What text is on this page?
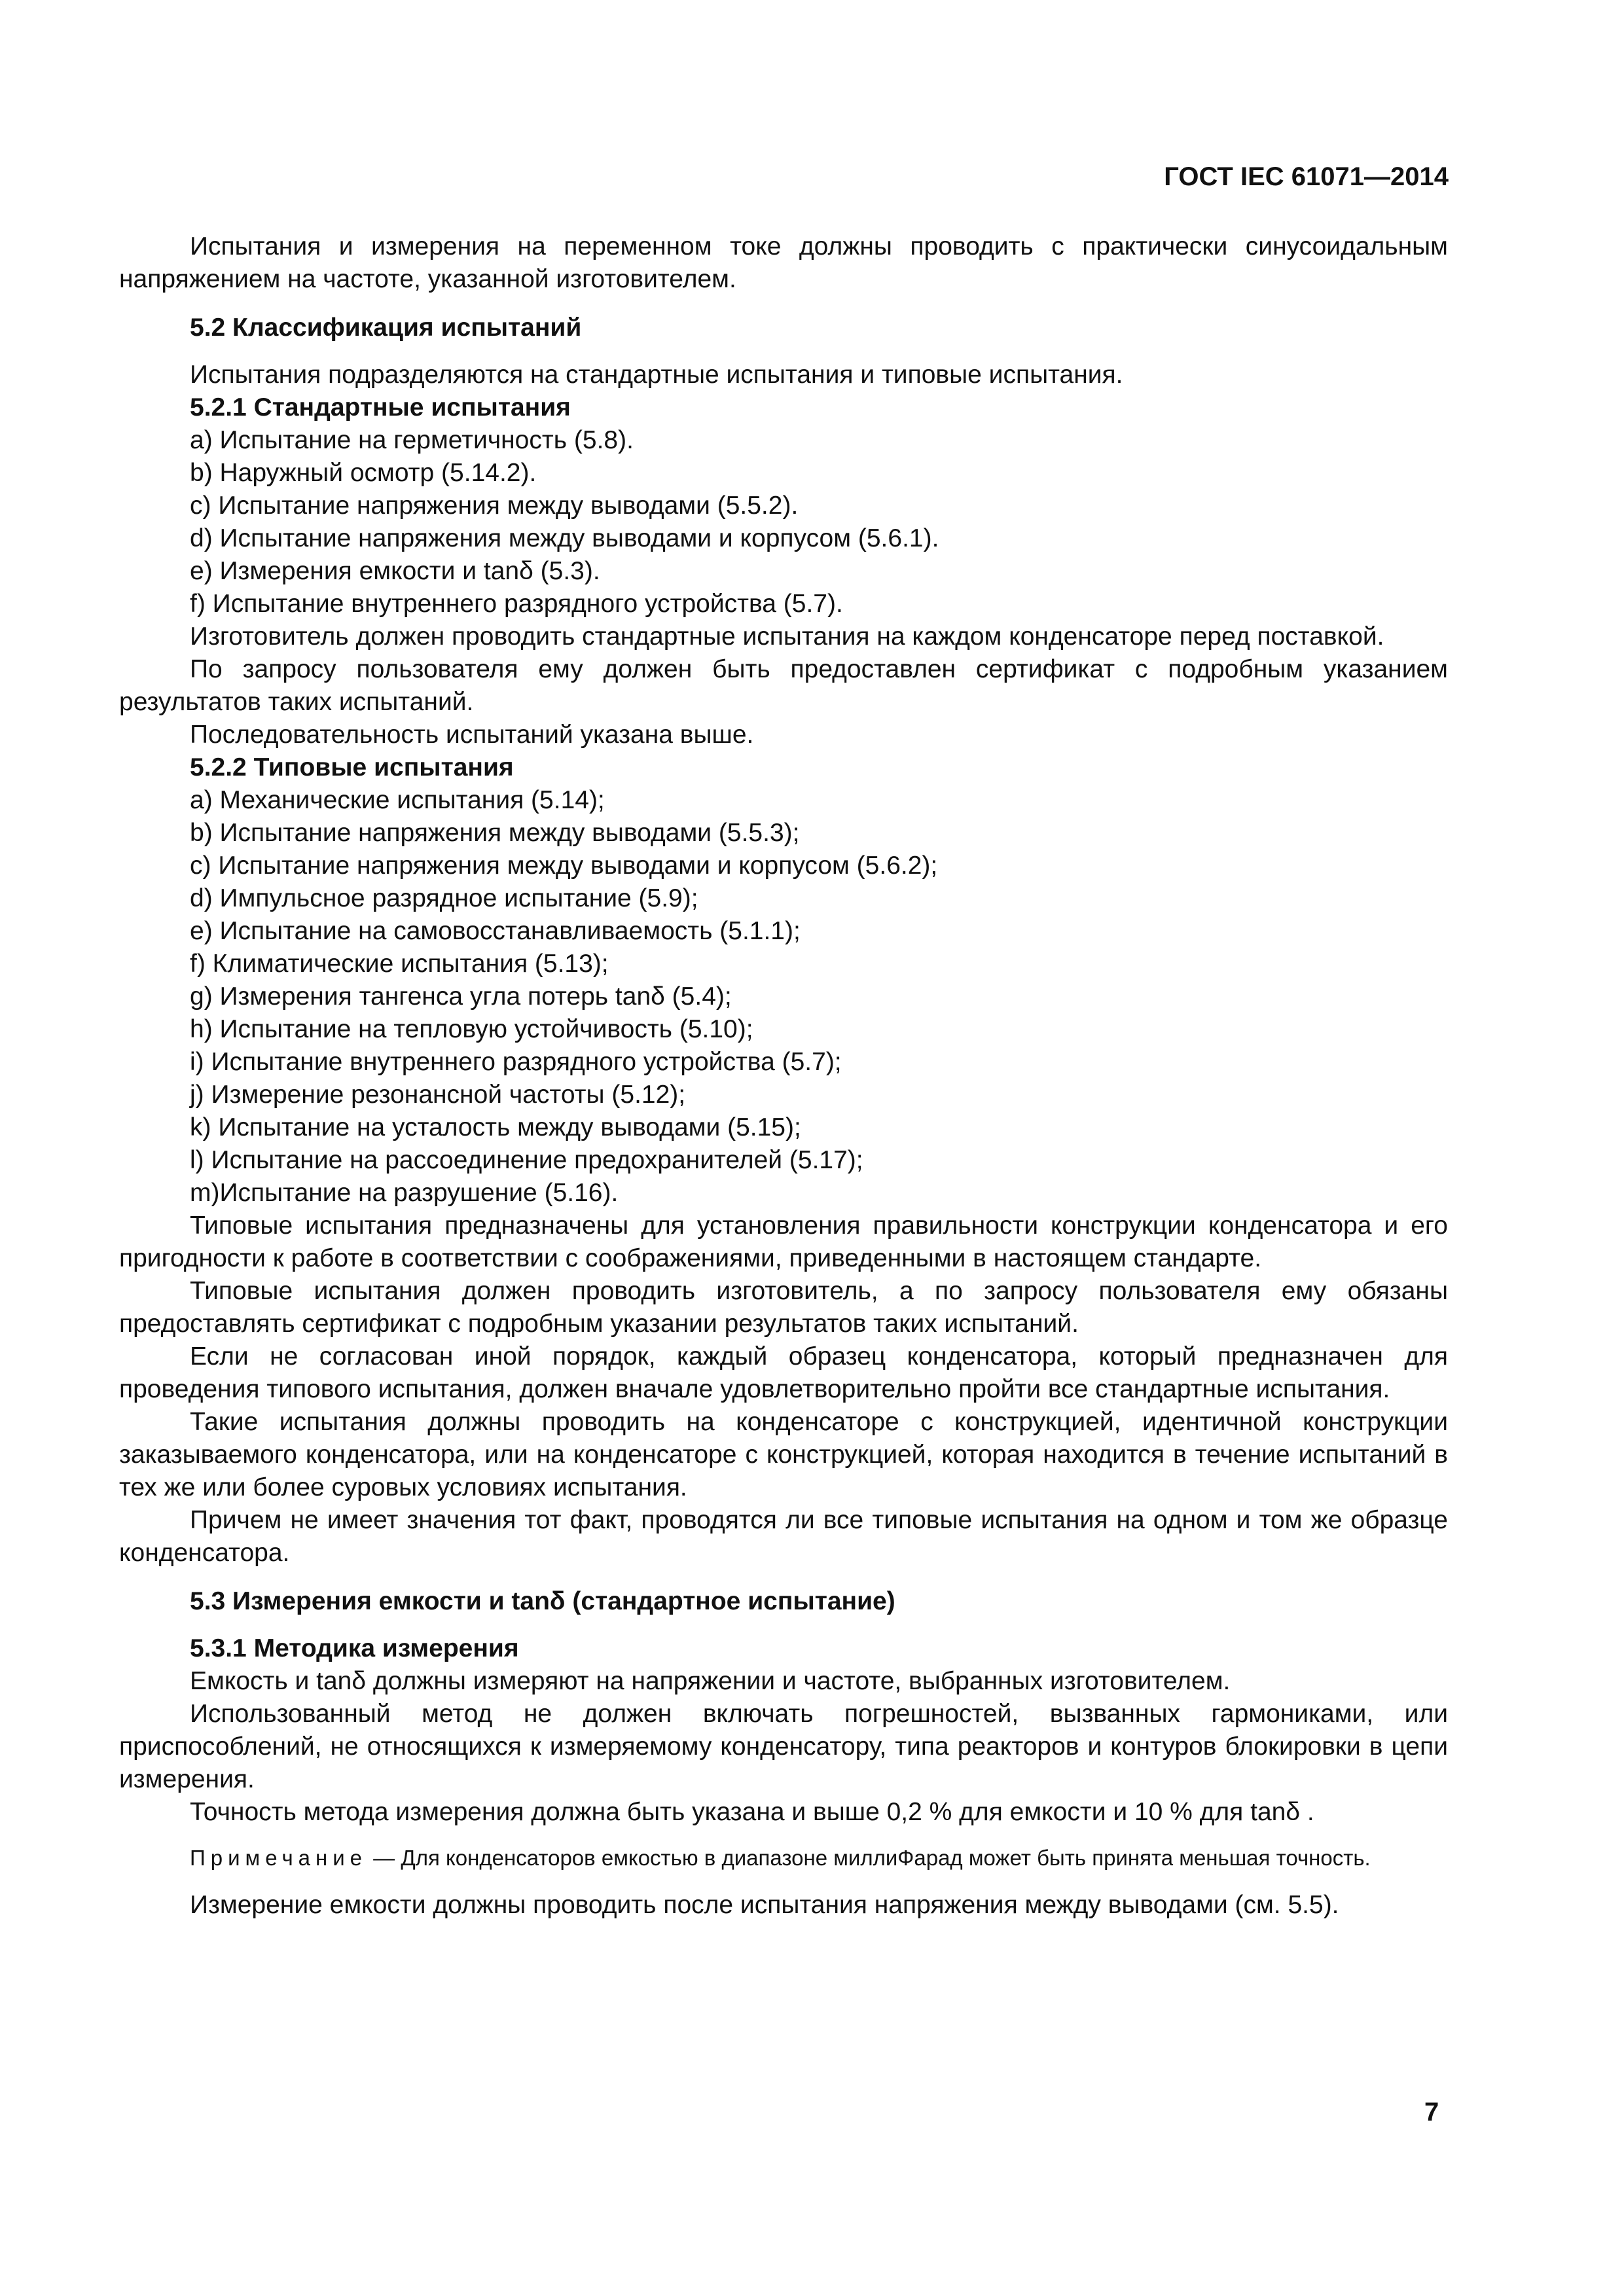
ГОСТ IEC 61071—2014

Испытания и измерения на переменном токе должны проводить с практически синусоидальным напряжением на частоте, указанной изготовителем.

5.2 Классификация испытаний

Испытания подразделяются на стандартные испытания и типовые испытания.

5.2.1 Стандартные испытания

a) Испытание на герметичность (5.8).

b) Наружный осмотр (5.14.2).

c) Испытание напряжения между выводами (5.5.2).

d) Испытание напряжения между выводами и корпусом (5.6.1).

e) Измерения емкости и tanδ (5.3).

f) Испытание внутреннего разрядного устройства (5.7).

Изготовитель должен проводить стандартные испытания на каждом конденсаторе перед поставкой.

По запросу пользователя ему должен быть предоставлен сертификат с подробным указанием результатов таких испытаний.

Последовательность испытаний указана выше.

5.2.2 Типовые испытания

a) Механические испытания (5.14);

b) Испытание напряжения между выводами (5.5.3);

c) Испытание напряжения между выводами и корпусом (5.6.2);

d) Импульсное разрядное испытание (5.9);

e) Испытание на самовосстанавливаемость (5.1.1);

f) Климатические испытания (5.13);

g) Измерения тангенса угла потерь tanδ (5.4);

h) Испытание на тепловую устойчивость (5.10);

i) Испытание внутреннего разрядного устройства (5.7);

j) Измерение резонансной частоты (5.12);

k) Испытание на усталость между выводами (5.15);

l) Испытание на рассоединение предохранителей (5.17);

m)Испытание на разрушение (5.16).

Типовые испытания предназначены для установления правильности конструкции конденсатора и его пригодности к работе в соответствии с соображениями, приведенными в настоящем стандарте.

Типовые испытания должен проводить изготовитель, а по запросу пользователя ему обязаны предоставлять сертификат с подробным указании результатов таких испытаний.

Если не согласован иной порядок, каждый образец конденсатора, который предназначен для проведения типового испытания, должен вначале удовлетворительно пройти все стандартные испытания.

Такие испытания должны проводить на конденсаторе с конструкцией, идентичной конструкции заказываемого конденсатора, или на конденсаторе с конструкцией, которая находится в течение испытаний в тех же или более суровых условиях испытания.

Причем не имеет значения тот факт, проводятся ли все типовые испытания на одном и том же образце конденсатора.

5.3 Измерения емкости и tanδ (стандартное испытание)

5.3.1 Методика измерения

Емкость и tanδ должны измеряют на напряжении и частоте, выбранных изготовителем.

Использованный метод не должен включать погрешностей, вызванных гармониками, или приспособлений, не относящихся к измеряемому конденсатору, типа реакторов и контуров блокировки в цепи измерения.

Точность метода измерения должна быть указана и выше 0,2 % для емкости и 10 % для tanδ .

Примечание — Для конденсаторов емкостью в диапазоне миллиФарад может быть принята меньшая точность.

Измерение емкости должны проводить после испытания напряжения между выводами (см. 5.5).

7
